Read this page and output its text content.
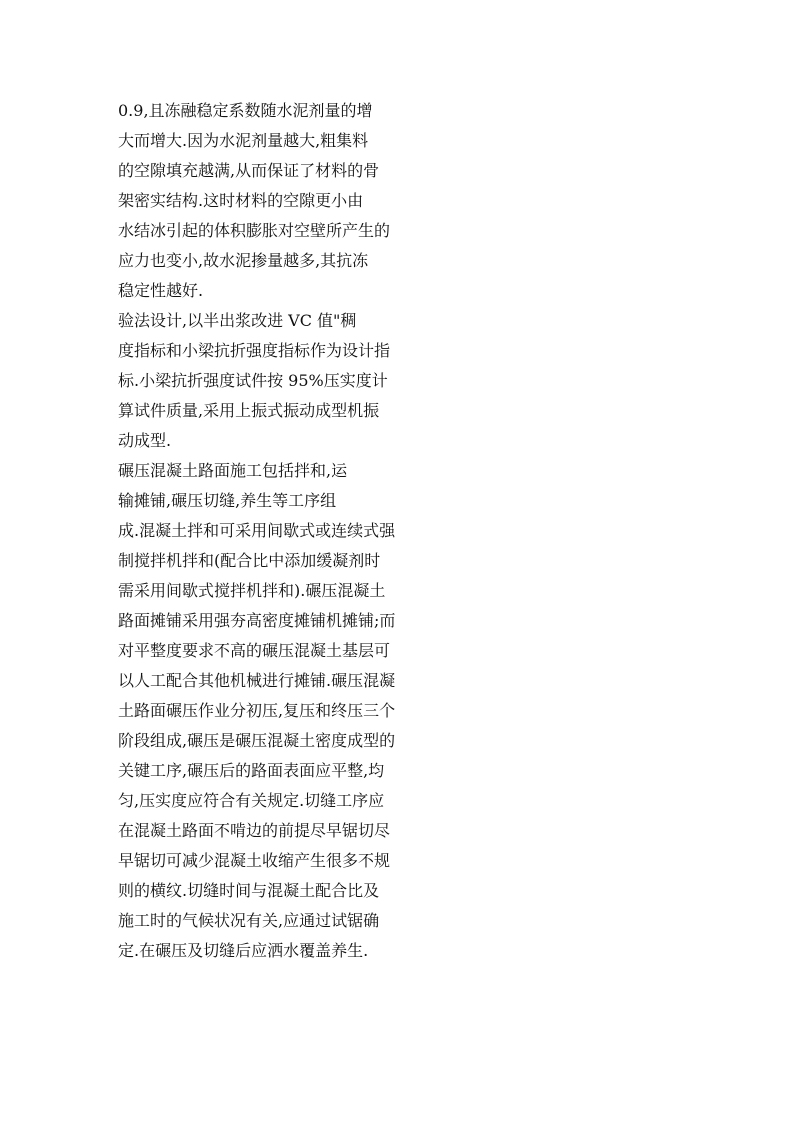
0.9,且冻融稳定系数随水泥剂量的增
大而增大.因为水泥剂量越大,粗集料
的空隙填充越满,从而保证了材料的骨
架密实结构.这时材料的空隙更小由
水结冰引起的体积膨胀对空壁所产生的
应力也变小,故水泥掺量越多,其抗冻
稳定性越好.
验法设计,以半出浆改进 VC 值"稠
度指标和小梁抗折强度指标作为设计指
标.小梁抗折强度试件按 95%压实度计
算试件质量,采用上振式振动成型机振
动成型.
碾压混凝土路面施工包括拌和,运
输摊铺,碾压切缝,养生等工序组
成.混凝土拌和可采用间歇式或连续式强
制搅拌机拌和(配合比中添加缓凝剂时
需采用间歇式搅拌机拌和).碾压混凝土
路面摊铺采用强夯高密度摊铺机摊铺;而
对平整度要求不高的碾压混凝土基层可
以人工配合其他机械进行摊铺.碾压混凝
土路面碾压作业分初压,复压和终压三个
阶段组成,碾压是碾压混凝土密度成型的
关键工序,碾压后的路面表面应平整,均
匀,压实度应符合有关规定.切缝工序应
在混凝土路面不啃边的前提尽早锯切尽
早锯切可减少混凝土收缩产生很多不规
则的横纹.切缝时间与混凝土配合比及
施工时的气候状况有关,应通过试锯确
定.在碾压及切缝后应洒水覆盖养生.
